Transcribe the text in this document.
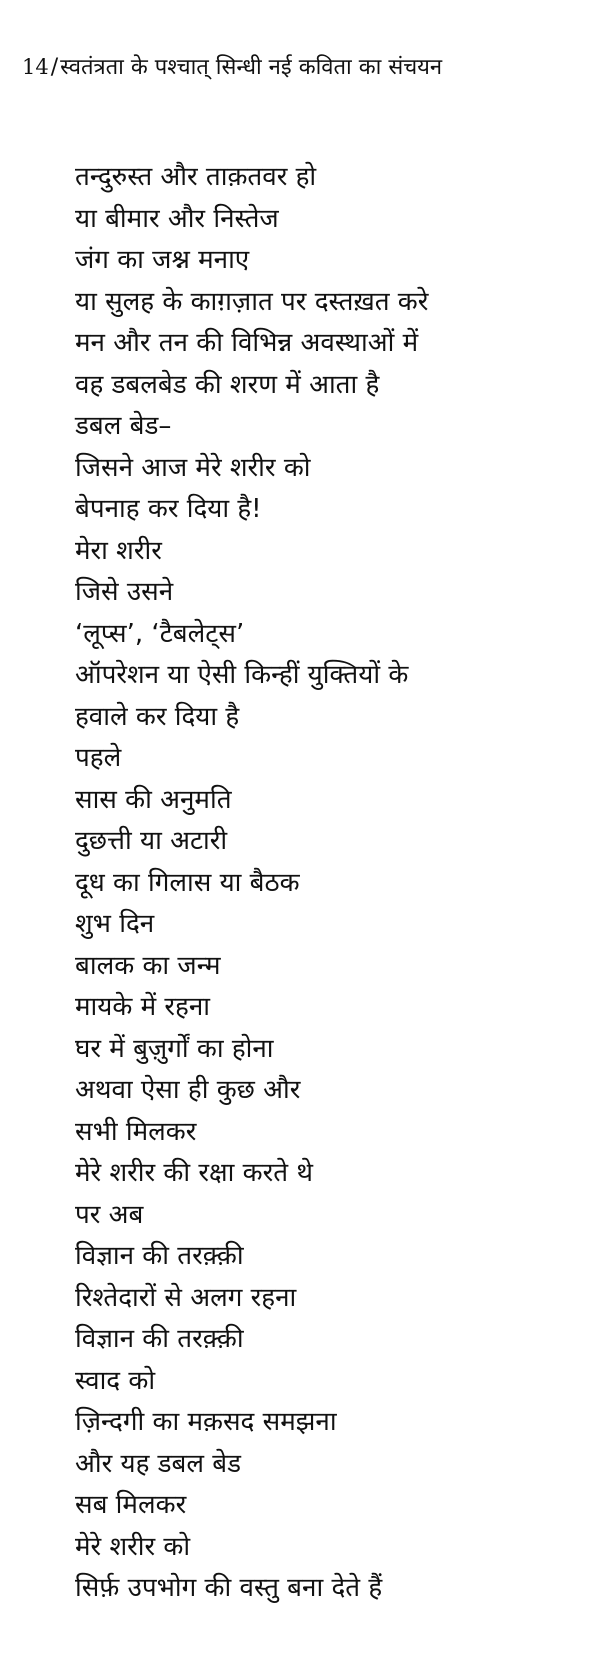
14/स्वतंत्रता के पश्चात् सिन्धी नई कविता का संचयन
तन्दुरुस्त और ताक़तवर हो
या बीमार और निस्तेज
जंग का जश्न मनाए
या सुलह के काग़ज़ात पर दस्तख़त करे
मन और तन की विभिन्न अवस्थाओं में
वह डबलबेड की शरण में आता है
डबल बेड–
जिसने आज मेरे शरीर को
बेपनाह कर दिया है!
मेरा शरीर
जिसे उसने
‘लूप्स’, ‘टैबलेट्स’
ऑपरेशन या ऐसी किन्हीं युक्तियों के
हवाले कर दिया है
पहले
सास की अनुमति
दुछत्ती या अटारी
दूध का गिलास या बैठक
शुभ दिन
बालक का जन्म
मायके में रहना
घर में बुज़ुर्गों का होना
अथवा ऐसा ही कुछ और
सभी मिलकर
मेरे शरीर की रक्षा करते थे
पर अब
विज्ञान की तरक़्क़ी
रिश्तेदारों से अलग रहना
विज्ञान की तरक़्क़ी
स्वाद को
ज़िन्दगी का मक़सद समझना
और यह डबल बेड
सब मिलकर
मेरे शरीर को
सिर्फ़ उपभोग की वस्तु बना देते हैं
